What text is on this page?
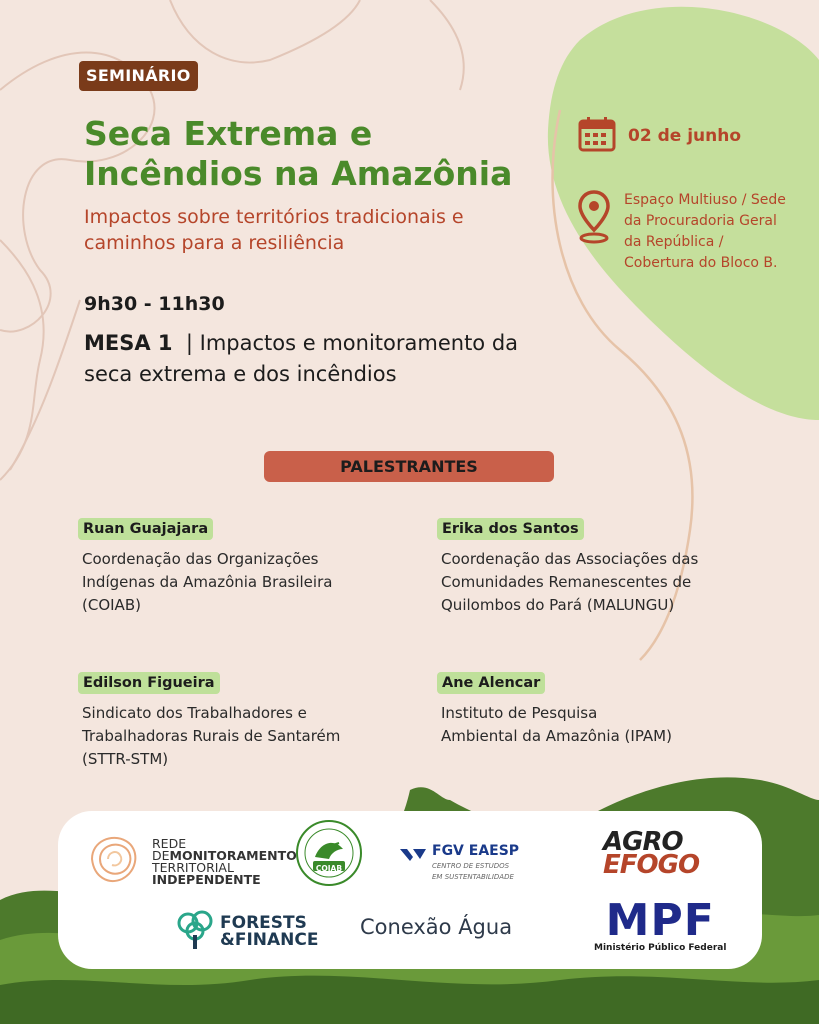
SEMINÁRIO
Seca Extrema e Incêndios na Amazônia
Impactos sobre territórios tradicionais e caminhos para a resiliência
9h30 - 11h30
MESA 1 | Impactos e monitoramento da seca extrema e dos incêndios
02 de junho
Espaço Multiuso / Sede da Procuradoria Geral da República / Cobertura do Bloco B.
PALESTRANTES
Ruan Guajajara
Coordenação das Organizações Indígenas da Amazônia Brasileira (COIAB)
Erika dos Santos
Coordenação das Associações das Comunidades Remanescentes de Quilombos do Pará (MALUNGU)
Edilson Figueira
Sindicato dos Trabalhadores e Trabalhadoras Rurais de Santarém (STTR-STM)
Ane Alencar
Instituto de Pesquisa Ambiental da Amazônia (IPAM)
REDE
DEMONITORAMENTO
TERRITORIAL
INDEPENDENTE
COIAB
FGV EAESP
CENTRO DE ESTUDOS
EM SUSTENTABILIDADE
AGRO
EFOGO
FORESTS
&FINANCE
Conexão Água MPF
Ministério Público Federal
